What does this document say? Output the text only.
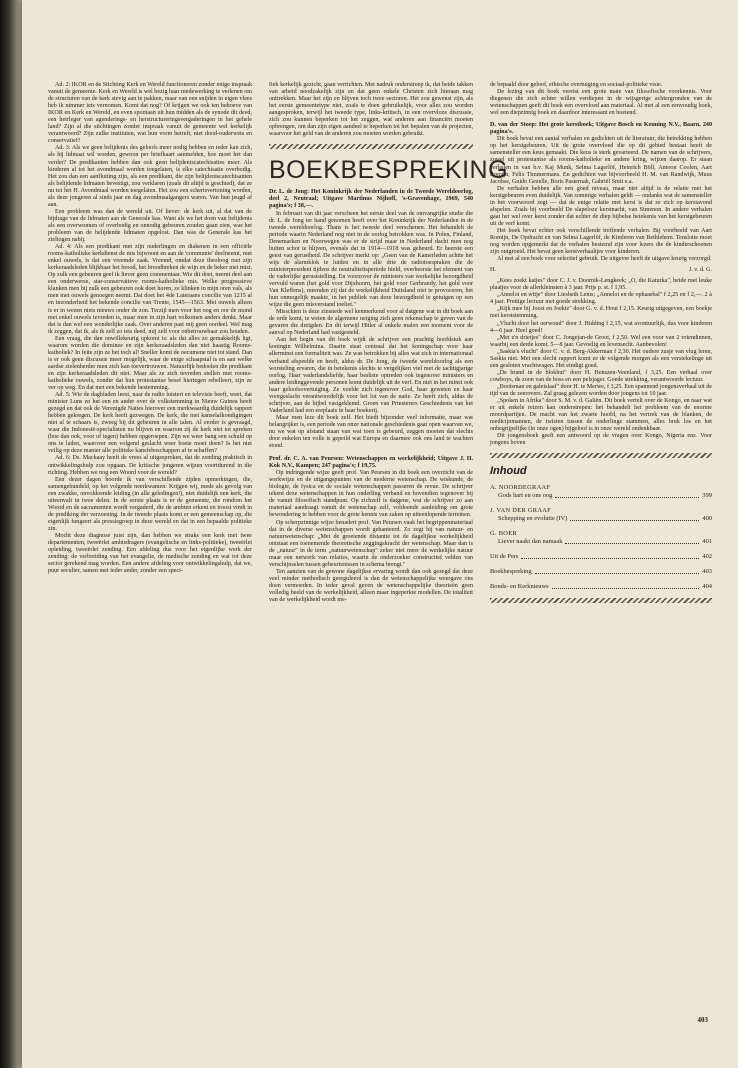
Ad. 2: IKOR en de Stichting Kerk en Wereld functioneren zonder enige inspraak vanuit de gemeente. Kerk en Wereld is wel bezig haar medewerking te verlenen om de structuren van de kerk stevig aan te pakken, maar van een snijden in eigen vlees heb ik nimmer iets vernomen. Komt dat nog? Of krijgen we ook ten behoeve van IKOR en Kerk en Wereld, en even spontaan uit hun midden als de synode dit deed, een heirleger van agenderings- en herstructureringsvergaderingen in het gehele land? Zijn al die stichtingen zonder inspraak vanuit de gemeente wel kerkelijk verantwoord? Zijn zulke instituten, wat hun vorm betreft, niet dood-ouderwets en conservatief?

Ad. 3: Als we geen belijdenis des geloofs meer nodig hebben en ieder kan zich, als hij lidmaat wil worden, gewoon per briefkaart aanmelden, hoe moet het dan verder? De predikanten hebben dan ook geen belijdeniscatechisaties meer. Als kinderen al tot het avondmaal worden toegelaten, is elke catechisatie overbodig. Het zou dan een aanfluiting zijn, als een predikant, die zijn belijdeniscatechisanten als belijdende lidmaten bevestigt, zou verklaren (zoals dit altijd is geschied), dat ze nu tot het H. Avondmaal worden toegelaten. Het zou een schertsvertoning worden, als deze jongeren al sinds jaar en dag avondmaalgangers waren. Van hun jeugd af aan.

Een probleem was dan de wereld uit. Of liever: de kerk uit, al dat van de bijdrage van de lidmaten aan de Generale kas. Want als we het doen van belijdenis als een overwonnen of overbodig en onnodig gebeuren zouden gaan zien, was het probleem van de belijdende lidmaten opgelost. Dan was de Generale kas het zieltogen nabij.

Ad. 4: Als een predikant met zijn ouderlingen en diakenen in een officiële rooms-katholieke kerkdienst de mis bijwoont en aan de 'communie' deelneemt, met enkel ouwels, is dat een vreemde zaak. Vreemd, omdat deze theoloog met zijn kerkeraadsleden blijkbaar het brood, het broodbreken de wijn en de beker niet mist. Op zulk een gebeuren geef ik liever geen commentaar. Wie dit doet, neemt deel aan een onderwerse, star-conservatieve rooms-katholieke mis. Welke progressieve klanken men bij zulk een gebeuren ook doet horen, ze klinken in mijn oren vals, als men met ouwels genoegen neemt. Dat doet het 4de Lateraans concilie van 1215 al en inzonderheid het bekende concilie van Trente, 1545—1563. Met ouwels alleen is er in wezen niets nieuws onder de zon. Terzijl men voor het oog en oor de mond met enkel ouwels tevreden is, maar men in zijn hart volkomen anders denkt. Maar dat is dan wel een wonderlijke zaak. Over anderen past mij geen oordeel. Wel mag ik zeggen, dat ik, als ik zelf zo iets deed, mij zelf voor onbetrouwbaar zou houden.

Een vraag, die dan onwillekeurig opkomt is: als dat alles zo gemakkelijk ligt, waarom worden die domineе en zijn kerkeraadsleden dan niet haastig Rooms-katholiek? In feite zijn ze het toch al! Sneller komt de oecumene niet tot stand. Dan is er ook geen discussie meer mogelijk, waar de enige schaapstal is en aan welke aardse zielenherder men zich kan toevertrouwen. Natuurlijk bedoelen die predikant en zijn kerkeraadsleden dit niet. Maar als ze zich tevreden stellen met rooms-katholieke ouwels, zonder dat hun protestantse besef hiertegen rebelleert, zijn ze ver op weg. En dat met een bekende bestemming.

Ad. 5: Wie de dagbladen leest, naar de radio luistert en televisie beeft, weet, dat minister Luns zo het een en ander over de volkstemming in Nieuw Guinea heeft gezegd en dat ook de Verenigde Naties hierover een merkwaardig duidelijk rapport hebben gekregen. De kerk heeft gezwegen. De kerk, die met kanselafkondigingen niet al te schaars is, zweeg bij dit gebeuren in alle talen. Al eerder is gevraagd, waar die Indonesië-specialisten nu blijven en waarom zij de kerk niet tot spreken (hoe dan ook, voor of tegen) hebben opgeroepen. Zijn we weer bang een schuld op ons te laden, waarover een volgend geslacht weer boete moet doen? Is het niet veilig op deze manier alle politieke kansfeboschappen af te schaffen?

Ad. 6: Ds. Mackaay heeft de vrees al uitgesproken, dat de zending praktisch in ontwikkelingshulp zou opgaan. De kritische jongeren wijzen voortdurend in die richting. Hebben we nog een Woord voor de wereld?

Een dezer dagen hoorde ik van verschillende zijden opmerkingen, die, samengebundeld, op het volgende neerkwamen: Krijgen wij, mede als gevolg van een zwakke, onvoldoende leiding (in alle geledingen!), niet duidelijk een kerk, die uiteenvalt in twee delen. In de eerste plaats is er de gemeente, die rondom het Woord en de sacramenten wordt vergaderd, die de ambten erkent en troost vindt in de prediking der verzoening. In de tweede plaats komt er een gemeenschap op, die eigenlijk fungeert als pressiegroep in deze wereld en dat in een bepaalde politieke zin.

Mocht deze diagnose juist zijn, dan hebben we straks een kerk met twee departementen, tweeërlei ambtsdragers (evangelische en links-politieke), tweeërlei opleiding, tweeërlei zending. Een afdeling dus voor het eigenlijke werk der zending: de verbreiding van het evangelie, de medische zending en wat tot deze sector gerekend mag worden. Een andere afdeling voor ontwikkelingshulp, dat we, puur seculier, samen met ieder ander, zonder een speci-

fiek kerkelijk gezicht, gaan verrichten. Met nadruk onderstreep ik, dat beide takken van arbeid noodzakelijk zijn en dat geen enkele Christen zich hieraan mag onttrekken. Maar het zijn en blijven toch twee sectoren. Het zou gewenst zijn, als het eerste gemeentetype niet, zoals te doen gebruikelijk, voor alles zou worden aangesproken, terwijl het tweede type, links-kritisch, in een overvloze discussie, zich zou kunnen beperken tot het zeggen, wat anderen aan financiën moeten opbrengen, om dan zijn eigen aandeel te beperken tot het bepalen van de projecten, waarvoor het geld van de anderen zou moeten worden gebruikt.

BOEKBESPREKING

Dr. L. de Jong: Het Koninkrijk der Nederlanden in de Tweede Wereldoorlog, deel 2, Neutraal; Uitgave Martinus Nijhoff, 's-Gravenhage, 1969, 540 pagina's; f 38,—.

In februari van dit jaar verscheen het eerste deel van de omvangrijke studie die dr. L. de Jong ter hand genomen heeft over het Koninkrijk der Nederlanden in de tweede wereldoorlog. Thans is het tweede deel verschenen. Het behandelt de periode waarin Nederland nog niet in de oorlog betrokken was. In Polen, Finland, Denemarken en Noorwegen was er de strijd maar in Nederland dacht men nog buiten schot te blijven, evenals dat in 1914—1918 was gebeurd. Er heerste een geest van gerustheid. De schrijver merkt op: „Geen van de Kamerleden achtte het wijs de alarmklok te luiden en in alle drie de radiotoespraken die de ministerpresident tijdens de neutraliteitsperiode hield, overheerste het element van de vaderlijke geruststelling. En voorzover de ministers van werkelijke bezorgdheid vervuld waren (het gold voor Dijxhoorn, het gold voor Gerbrandy, het gold voor Van Kleffens), meenden zij dat de werkelijkheid Duitsland niet te provoceren, het hun onmogelijk maakte, in het publiek van deze bezorgdheid te getuigen op een wijze die geen misverstand toeliet."

Misschien is deze zinsnede wel kenmerkend voor al datgene wat in dit boek aan de orde komt, te weten de algemene neiging zich geen rekenschap te geven van de gevaren die dreigden. En dit terwijl Hitler al enkele malen een moment voor de aanval op Nederland had vastgesteld.

Aan het begin van dit boek wijdt de schrijver een prachtig hoofdstuk aan koningin Wilhelmina. Daarin staat centraal dat het koningschap voor haar allerminst een formaliteit was. Ze was betrokken bij alles wat zich in internationaal verband afspeelde en heeft, aldus dr. De Jong, de tweede wereldoorlog als een worsteling ervaren, die in betekenis slechts te vergelijken viel met de tachtigjarige oorlog. Haar vaderlandsliefde, haar besliste optreden ook tegenover ministers en andere leidinggevende personen komt duidelijk uit de verf. En niet in het minst ook haar geloofsovertuiging. Ze voelde zich tegenover God, haar geweten en haar voorgeslacht verantwoordelijk voor het lot van de natie. Ze heeft zich, aldus de schrijver, aan de bijbel vastgeklemd. Groen van Prinsterers Geschiedenis van het Vaderland had een ereplaats in haar boekerij.

Maar men leze dit boek zelf. Het biedt bijzonder veel informatie, maar wat belangrijker is, een periode van onze nationale geschiedenis gaat open waarvan we, nu we wat op afstand staan van wat toen is gebeurd, zeggen moeten dat slechts door enkelen ten volle is gepeild wat Europa en daarmee ook ons land te wachten stond.

Prof. dr. C. A. van Peursen: Wetenschappen en werkelijkheid; Uitgave J. H. Kok N.V., Kampen; 247 pagina's; f 19,75.

Op indringende wijze geeft prof. Van Peursen in dit boek een overzicht van de werkwijze en de uitgangspunten van de moderne wetenschap. De wiskunde, de biologie, de fysica en de sociale wetenschappen passeren de revue. De schrijver tekent deze wetenschappen in hun onderling verband en bovendien tegenover bij de vanuit filosofisch standpunt. Op zichzelf is datgene, wat de schrijver zo aan materiaal aandraagt vanuit de wetenschap zelf, voldoende aanleiding om grote bewondering te hebben voor de grote kennis van zaken op uiteenlopende terreinen.

Op scherpzinnige wijze benadert prof. Van Peursen vaak het begrippenmateriaal dat in de diverse wetenschappen wordt gehanteerd. Zo zegt hij van natuur- en natuurwetenschap: „Met de groeiende distantie tot de dagelijkse werkelijkheid ontstaat een toenemende theoretische zeggingskracht der wetenschap. Maar dan is de „natuur" in de term „natuurwetenschap" zeker niet meer de werkelijke natuur maar een netwerk van relaties, waarin de onderzoeker constructief velden van verschijnselen tussen gebeurtenissen in schema brengt."

Ten aanzien van de gewone dagelijkse ervaring wordt dan ook gezegd dat deze veel minder methodisch gereguleerd is dan de wetenschappelijke weergave ons doen vermoeden. In ieder geval geven de wetenschappelijke theorieën geen volledig beeld van de werkelijkheid, alleen maar ingeperkte modellen. De totaliteit van de werkelijkheid wordt me-

de bepaald door geloof, ethische overtuiging en sociaal-politieke visie.

De lezing van dit boek vereist een grote mate van filosofische voorkennis. Voor diegenen die zich echter willen verdiepen in de wijsgerige achtergronden van de wetenschappen geeft dit boek een overvloed aan materiaal. Al met al een eenvoudig boek, wel een diepzinnig boek en daardoor interessant en boeiend.

D. van der Stoep: Het grote kerstboek; Uitgave Bosch en Keuning N.V., Baarn, 240 pagina's.

Dit boek bevat een aantal verhalen en gedichten uit de literatuur, die betrekking hebben op het kerstgebeuren. Uit de grote overvloed die op dit gebied bestaat heeft de samensteller een keus gemaakt. Die keus is sterk gevarieerd. De namen van de schrijvers, zowel uit protestantse als rooms-katholieke en andere kring, wijzen daarop. Er staan verhalen in van b.v. Kaj Munk, Selma Lagerlöf, Heinrich Böll, Antoon Coolen, Aart Romijn, Felix Timmermans. En gedichten van bijvoorbeeld H. M. van Randwijk, Muus Jacobse, Guido Gezelle, Boris Pasternak, Gabriël Smit e.a.

De verhalen hebben alle een goed niveau, maar niet altijd is de relatie met het kerstgebeuren even duidelijk. Van sommige verhalen geldt — ondanks wat de samensteller in het voorwoord zegt — dat de enige relatie met kerst is dat ze zich op kerstavond afspelen. Zoals bij voorbeeld De slapeloze kerstnacht, van Simenon. In andere verhalen gaat het wel over kerst zonder dat echter de diep bijbelse betekenis van het kerstgebeuren uit de verf komt.

Het boek bevat echter ook verschillende treffende verhalen. Bij voorbeeld van Aart Romijn, De Opdracht en van Selma Lagerlöf, de Kinderen van Bethlehem. Tenslotte moet nog worden opgemerkt dat de verhalen bestemd zijn voor lezers die de kinderschoenen zijn ontgroeid. Het bevat geen kerstverhaaltjes voor kinderen.

Al met al een boek voor selectief gebruik. De uitgever heeft de uitgave keurig verzorgd.

H.	J. v. d. G.

„Kees zoekt katjes" door C. J. v. Doornik-Lengkeek; „O, die Katurka", beide met leuke plaatjes voor de allerkleinsten à 3 jaar. Prijs p. st. f 1,95.

„Anneloi en witje" door Liesbeth Lems; „Anneloi en de ophaasbal" f 2,25 en f 2,—. 2 à 4 jaar. Prettige lectuur met goede strekking.

„Kijk mee bij Joost en Joekie" door G. v. d. Hout f 2,15. Keurig uitgegeven, een boekje met kerststemming.

„Vlucht door het oerwoud" door J. Hidding f 2,15, wat avontuurlijk, dus voor kinderen 4—6 jaar. Heel goed!

„Met z'n drietjes" door C. Jongejan-de Groot, f 2,50. Wel een voor van 2 vriendinnen, waarbij een derde komt. 5—8 jaar. Gevoelig en levensecht. Aanbevolen!

„Saskia's vlucht" door C. v. d. Berg-Akkerman f 2,30. Het oudere zusje van vlug leren, Saskia niet. Met een slecht rapport komt ze de volgende morgen als een verstekelinge uit een gesloten vrachtwagen. Het eindigt goed.

„De brand in de blokhut" door H. Henszen-Veenland, f 3,25. Een verhaal over cowboys, de zoon van de boss en een pelsjager. Goede strekking, verantwoorde lectuur.

„Bootsman en galeislaaf" door H. te Merwe, f 3,25. Een spannend jongensverhaal uit de tijd van de zeerovers. Zal graag gelezen worden door jongens tot 10 jaar.

„Spoken in Afrika" door S. M. v. d. Galiën. Dit boek vertelt over de Kongo, en naar wat er uit enkele reizen kan onderstrepen: het behandelt het probleem van de enorme moordpartijen. De macht van het zwarte hoofd, na het vertrek van de blanken, de medicijnmannen, de twisten tussen de onderlinge stammen, alles bruk los en het onbegrijpelijke (in onze ogen) bijgeloof is in onze wereld ondenkbaar.

Dit jongensboek geeft een antwoord op de vragen over Kongo, Nigeria enz. Voor jongens boven

Inhoud
A. NOORDEGRAAF
Gods hart en ons oog	399
J. VAN DER GRAAF
Schepping en evolutie (IV)	400
G. BOER
Liever naakt dan namaak	401
Uit de Pers	402
Boekbespreking	403
Bonds- en Kerknieuws	404
403
